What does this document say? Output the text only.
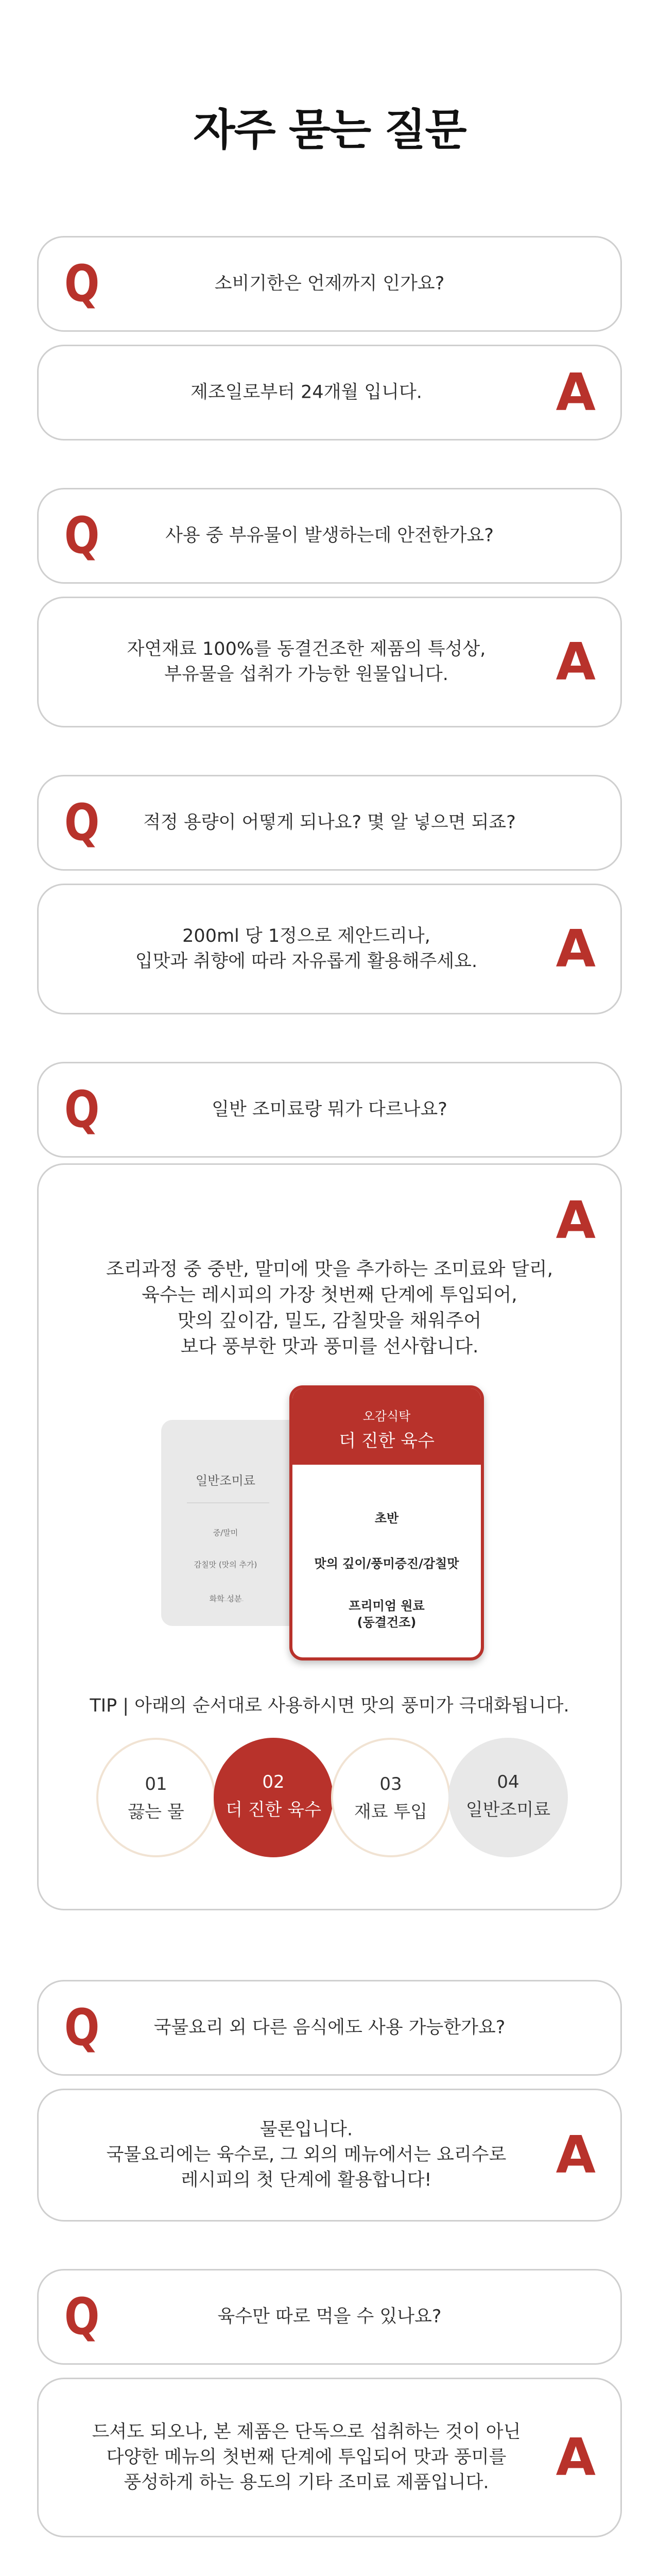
자주 묻는 질문
Q	소비기한은 언제까지 인가요?
제조일로부터 24개월 입니다.	A
Q	사용 중 부유물이 발생하는데 안전한가요?
자연재료 100%를 동결건조한 제품의 특성상,
부유물을 섭취가 가능한 원물입니다.	A
Q	적정 용량이 어떻게 되나요? 몇 알 넣으면 되죠?
200ml 당 1정으로 제안드리나,
입맛과 취향에 따라 자유롭게 활용해주세요.	A
Q	일반 조미료랑 뭐가 다르나요?
A
조리과정 중 중반, 말미에 맛을 추가하는 조미료와 달리,
육수는 레시피의 가장 첫번째 단계에 투입되어,
맛의 깊이감, 밀도, 감칠맛을 채워주어
보다 풍부한 맛과 풍미를 선사합니다.
일반조미료
중/말미
감칠맛 (맛의 추가)
화학 성분
오감식탁
더 진한 육수
초반
맛의 깊이/풍미증진/감칠맛
프리미엄 원료
(동결건조)
TIP | 아래의 순서대로 사용하시면 맛의 풍미가 극대화됩니다.
01
끓는 물
02
더 진한 육수
03
재료 투입
04
일반조미료
Q	국물요리 외 다른 음식에도 사용 가능한가요?
물론입니다.
국물요리에는 육수로, 그 외의 메뉴에서는 요리수로
레시피의 첫 단계에 활용합니다!	A
Q	육수만 따로 먹을 수 있나요?
드셔도 되오나, 본 제품은 단독으로 섭취하는 것이 아닌
다양한 메뉴의 첫번째 단계에 투입되어 맛과 풍미를
풍성하게 하는 용도의 기타 조미료 제품입니다.	A
